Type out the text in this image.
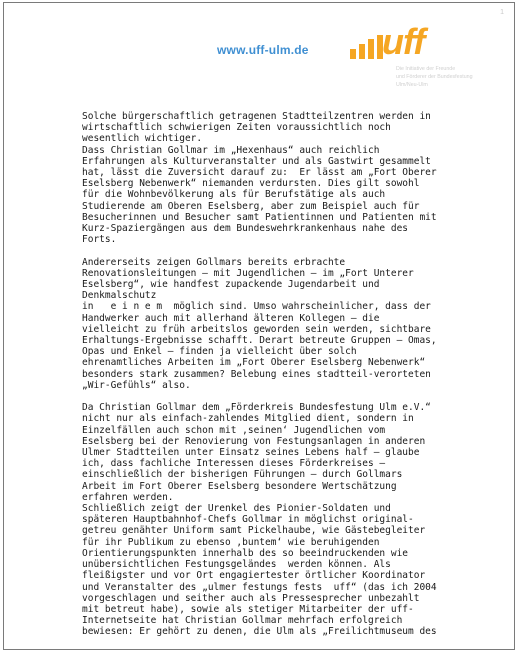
1
www.uff-ulm.de uff
Die Initiative der Freunde
und Förderer der Bundesfestung
Ulm/Neu-Ulm
Solche bürgerschaftlich getragenen Stadtteilzentren werden in
wirtschaftlich schwierigen Zeiten voraussichtlich noch
wesentlich wichtiger.
Dass Christian Gollmar im „Hexenhaus“ auch reichlich
Erfahrungen als Kulturveranstalter und als Gastwirt gesammelt
hat, lässt die Zuversicht darauf zu:  Er lässt am „Fort Oberer
Eselsberg Nebenwerk“ niemanden verdursten. Dies gilt sowohl
für die Wohnbevölkerung als für Berufstätige als auch
Studierende am Oberen Eselsberg, aber zum Beispiel auch für
Besucherinnen und Besucher samt Patientinnen und Patienten mit
Kurz-Spaziergängen aus dem Bundeswehrkrankenhaus nahe des
Forts.
Andererseits zeigen Gollmars bereits erbrachte
Renovationsleitungen – mit Jugendlichen – im „Fort Unterer
Eselsberg“, wie handfest zupackende Jugendarbeit und
Denkmalschutz
in   e i n e m  möglich sind. Umso wahrscheinlicher, dass der
Handwerker auch mit allerhand älteren Kollegen – die
vielleicht zu früh arbeitslos geworden sein werden, sichtbare
Erhaltungs-Ergebnisse schafft. Derart betreute Gruppen – Omas,
Opas und Enkel – finden ja vielleicht über solch
ehrenamtliches Arbeiten im „Fort Oberer Eselsberg Nebenwerk“
besonders stark zusammen? Belebung eines stadtteil-verorteten
„Wir-Gefühls“ also.
Da Christian Gollmar dem „Förderkreis Bundesfestung Ulm e.V.“
nicht nur als einfach-zahlendes Mitglied dient, sondern in
Einzelfällen auch schon mit ‚seinen‘ Jugendlichen vom
Eselsberg bei der Renovierung von Festungsanlagen in anderen
Ulmer Stadtteilen unter Einsatz seines Lebens half – glaube
ich, dass fachliche Interessen dieses Förderkreises –
einschließlich der bisherigen Führungen – durch Gollmars
Arbeit im Fort Oberer Eselsberg besondere Wertschätzung
erfahren werden.
Schließlich zeigt der Urenkel des Pionier-Soldaten und
späteren Hauptbahnhof-Chefs Gollmar in möglichst original-
getreu genähter Uniform samt Pickelhaube, wie Gästebegleiter
für ihr Publikum zu ebenso ‚buntem‘ wie beruhigenden
Orientierungspunkten innerhalb des so beeindruckenden wie
unübersichtlichen Festungsgeländes  werden können. Als
fleißigster und vor Ort engagiertester örtlicher Koordinator
und Veranstalter des „ulmer festungs fests  uff“ (das ich 2004
vorgeschlagen und seither auch als Pressesprecher unbezahlt
mit betreut habe), sowie als stetiger Mitarbeiter der uff-
Internetseite hat Christian Gollmar mehrfach erfolgreich
bewiesen: Er gehört zu denen, die Ulm als „Freilichtmuseum des
